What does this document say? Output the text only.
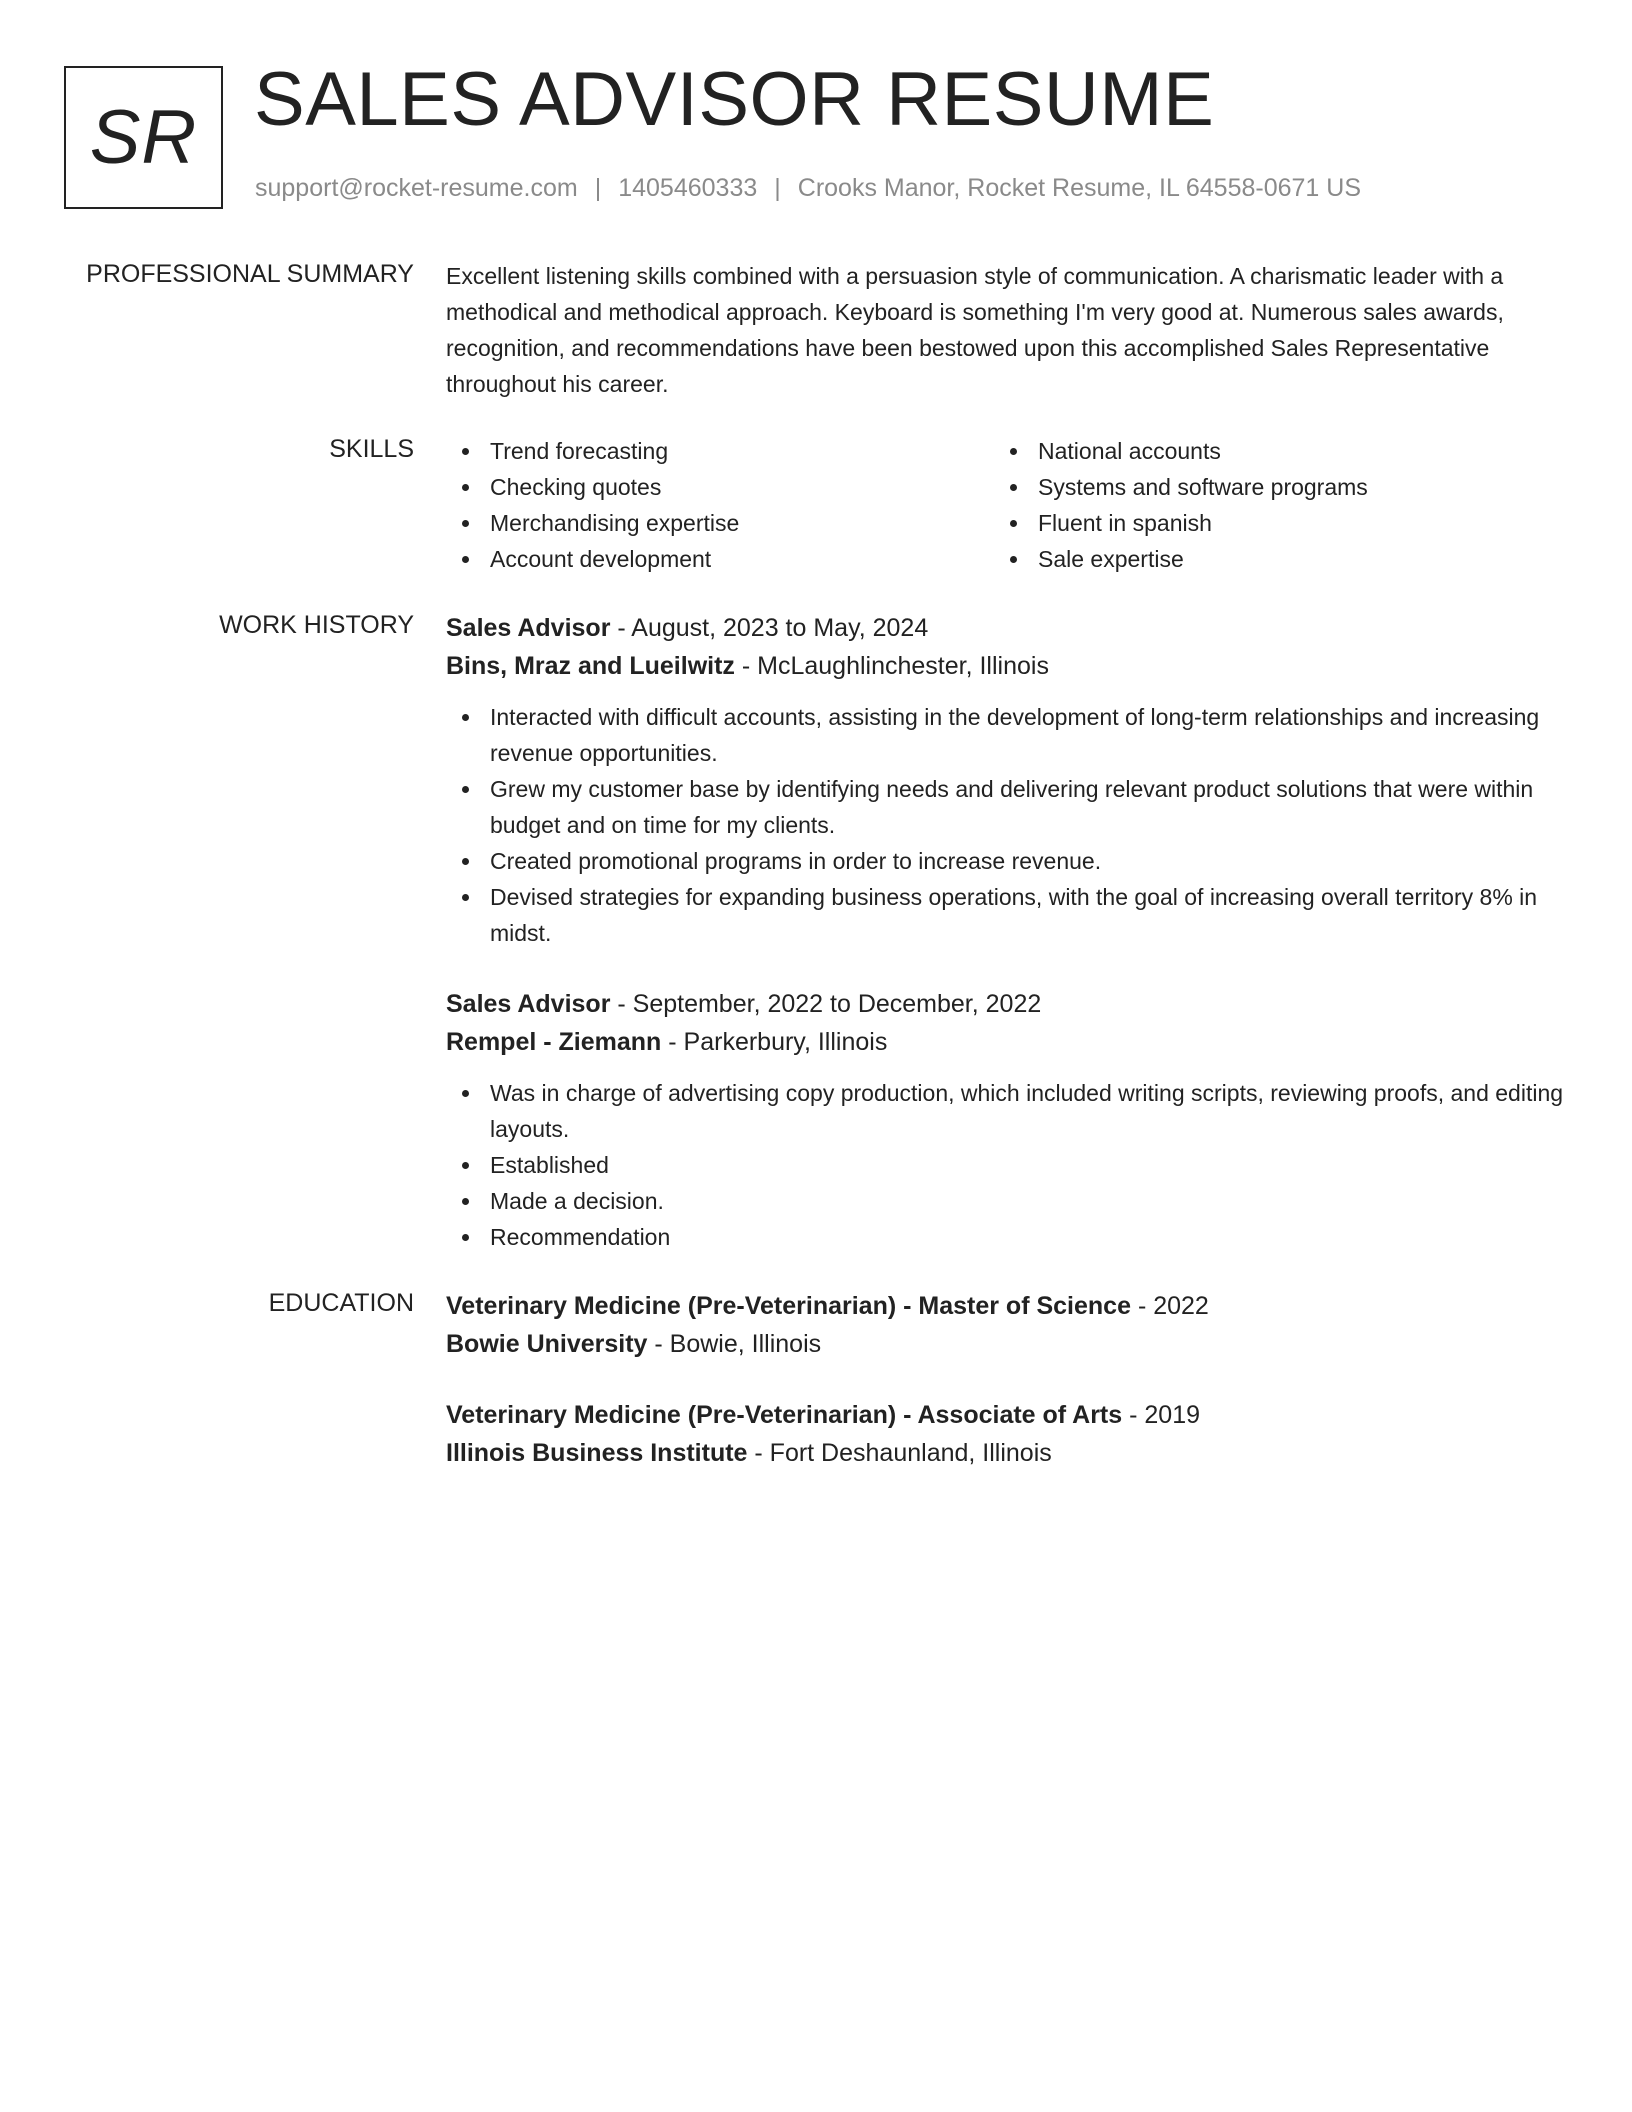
SR SALES ADVISOR RESUME
support@rocket-resume.com | 1405460333 | Crooks Manor, Rocket Resume, IL 64558-0671 US
PROFESSIONAL SUMMARY Excellent listening skills combined with a persuasion style of communication. A charismatic leader with a methodical and methodical approach. Keyboard is something I'm very good at. Numerous sales awards, recognition, and recommendations have been bestowed upon this accomplished Sales Representative throughout his career.

SKILLS	Trend forecasting
Checking quotes
Merchandising expertise
Account development
National accounts
Systems and software programs
Fluent in spanish
Sale expertise
WORK HISTORY Sales Advisor - August, 2023 to May, 2024
Bins, Mraz and Lueilwitz - McLaughlinchester, Illinois
Interacted with difficult accounts, assisting in the development of long-term relationships and increasing revenue opportunities.
Grew my customer base by identifying needs and delivering relevant product solutions that were within budget and on time for my clients.
Created promotional programs in order to increase revenue.
Devised strategies for expanding business operations, with the goal of increasing overall territory 8% in midst.
Sales Advisor - September, 2022 to December, 2022
Rempel - Ziemann - Parkerbury, Illinois
Was in charge of advertising copy production, which included writing scripts, reviewing proofs, and editing layouts.
Established
Made a decision.
Recommendation
EDUCATION Veterinary Medicine (Pre-Veterinarian) - Master of Science - 2022
Bowie University - Bowie, Illinois
Veterinary Medicine (Pre-Veterinarian) - Associate of Arts - 2019
Illinois Business Institute - Fort Deshaunland, Illinois
